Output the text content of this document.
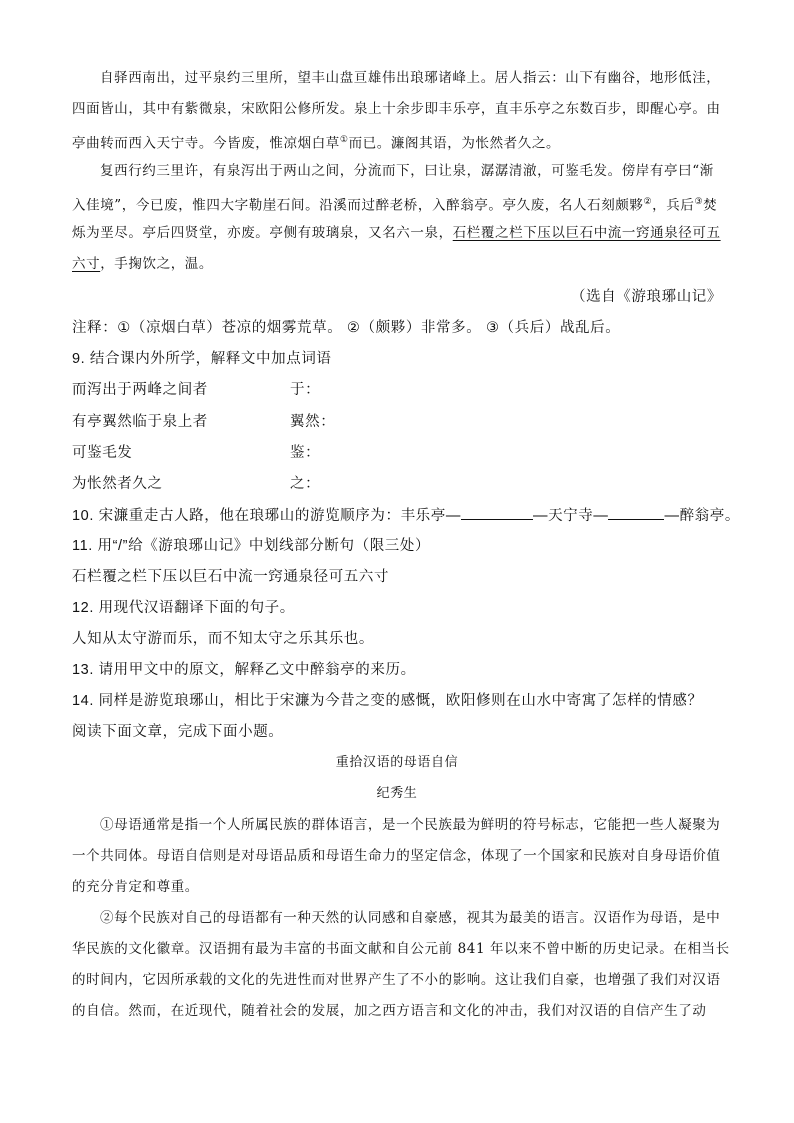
自驿西南出，过平泉约三里所，望丰山盘亘雄伟出琅琊诸峰上。居人指云：山下有幽谷，地形低洼，
四面皆山，其中有紫微泉，宋欧阳公修所发。泉上十余步即丰乐亭，直丰乐亭之东数百步，即醒心亭。由
亭曲转而西入天宁寺。今皆废，惟凉烟白草①而已。濂阁其语，为怅然者久之。
复西行约三里许，有泉泻出于两山之间，分流而下，曰让泉，潺潺清澈，可鉴毛发。傍岸有亭曰“渐
入佳境”，今已废，惟四大字勒崖石间。沿溪而过醉老桥，入醉翁亭。亭久废，名人石刻颇夥②，兵后③焚
烁为垩尽。亭后四贤堂，亦废。亭侧有玻璃泉，又名六一泉，石栏覆之栏下压以巨石中流一窍通泉径可五
六寸，手掬饮之，温。
（选自《游琅琊山记》
注释：①（凉烟白草）苍凉的烟雾荒草。 ②（颇夥）非常多。 ③（兵后）战乱后。
9. 结合课内外所学，解释文中加点词语
而泻出于两峰之间者	于：
有亭翼然临于泉上者	翼然：
可鉴毛发	鉴：
为怅然者久之	之：
10. 宋濂重走古人路，他在琅琊山的游览顺序为：丰乐亭—	—天宁寺—	—醉翁亭。
11. 用“/”给《游琅琊山记》中划线部分断句（限三处）
石栏覆之栏下压以巨石中流一窍通泉径可五六寸
12. 用现代汉语翻译下面的句子。
人知从太守游而乐，而不知太守之乐其乐也。
13. 请用甲文中的原文，解释乙文中醉翁亭的来历。
14. 同样是游览琅琊山，相比于宋濂为今昔之变的感慨，欧阳修则在山水中寄寓了怎样的情感？
阅读下面文章，完成下面小题。
重拾汉语的母语自信
纪秀生
①母语通常是指一个人所属民族的群体语言，是一个民族最为鲜明的符号标志，它能把一些人凝聚为
一个共同体。母语自信则是对母语品质和母语生命力的坚定信念，体现了一个国家和民族对自身母语价值
的充分肯定和尊重。
②每个民族对自己的母语都有一种天然的认同感和自豪感，视其为最美的语言。汉语作为母语，是中
华民族的文化徽章。汉语拥有最为丰富的书面文献和自公元前 841 年以来不曾中断的历史记录。在相当长
的时间内，它因所承载的文化的先进性而对世界产生了不小的影响。这让我们自豪，也增强了我们对汉语
的自信。然而，在近现代，随着社会的发展，加之西方语言和文化的冲击，我们对汉语的自信产生了动
